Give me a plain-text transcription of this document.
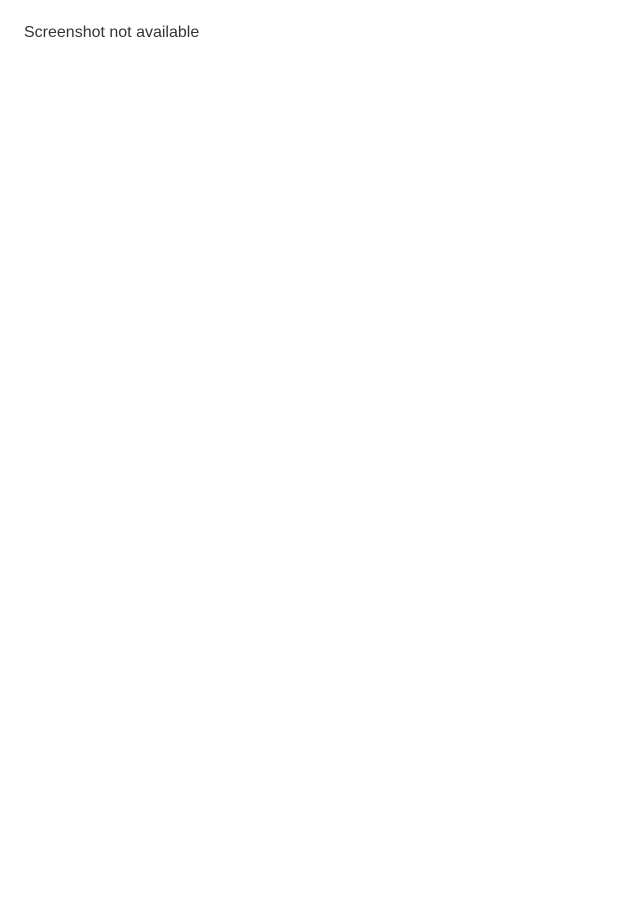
Screenshot not available
